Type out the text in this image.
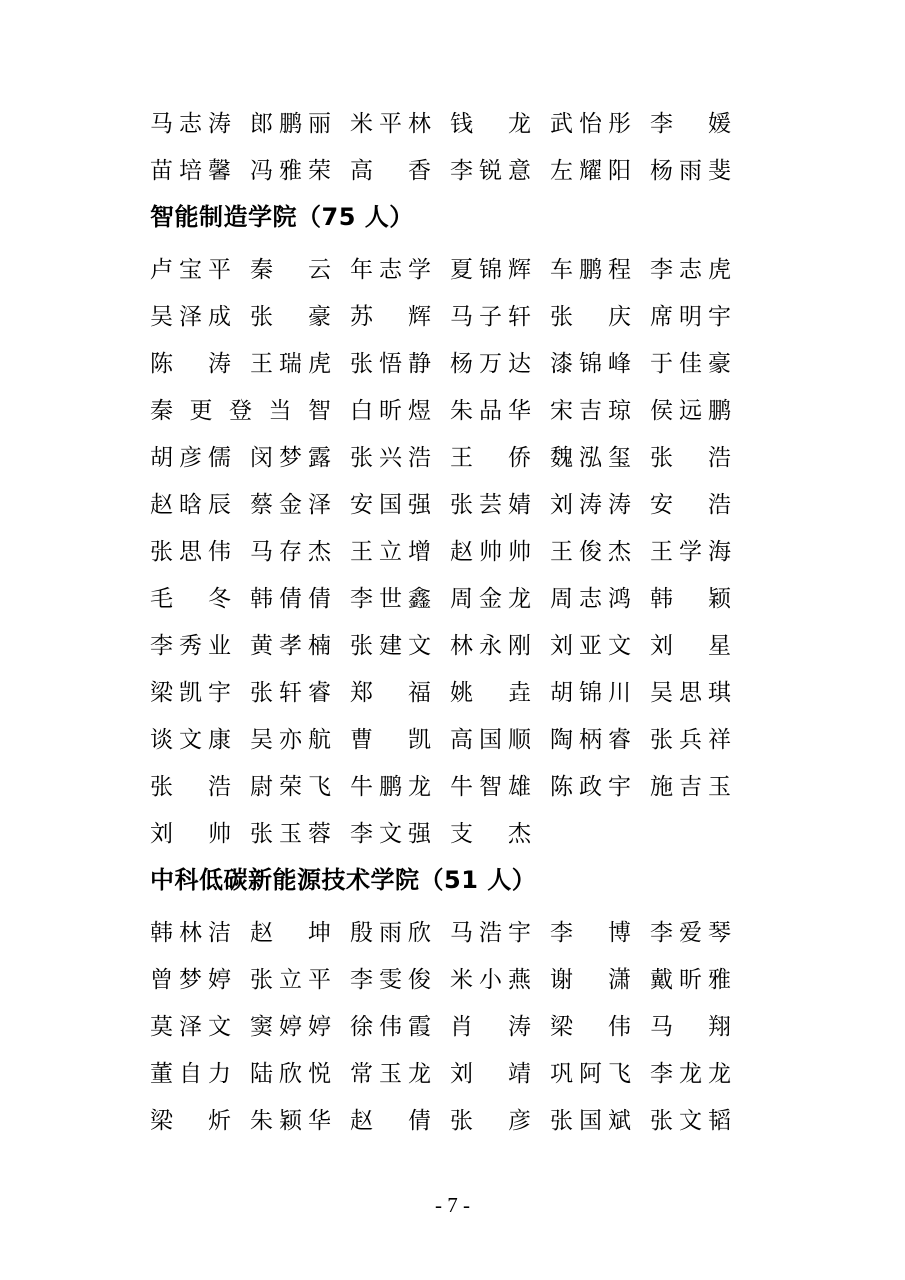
马志涛 郎鹏丽 米平林 钱 龙 武怡彤 李 媛
苗培馨 冯雅荣 高 香 李锐意 左耀阳 杨雨斐
智能制造学院（75 人）
卢宝平 秦 云 年志学 夏锦辉 车鹏程 李志虎
吴泽成 张 豪 苏 辉 马子轩 张 庆 席明宇
陈 涛 王瑞虎 张悟静 杨万达 漆锦峰 于佳豪
秦更登当智 白昕煜 朱品华 宋吉琼 侯远鹏
胡彦儒 闵梦露 张兴浩 王 侨 魏泓玺 张 浩
赵晗辰 蔡金泽 安国强 张芸婧 刘涛涛 安 浩
张思伟 马存杰 王立增 赵帅帅 王俊杰 王学海
毛 冬 韩倩倩 李世鑫 周金龙 周志鸿 韩 颖
李秀业 黄孝楠 张建文 林永刚 刘亚文 刘 星
梁凯宇 张轩睿 郑 福 姚 垚 胡锦川 吴思琪
谈文康 吴亦航 曹 凯 高国顺 陶柄睿 张兵祥
张 浩 尉荣飞 牛鹏龙 牛智雄 陈政宇 施吉玉
刘 帅 张玉蓉 李文强 支 杰
中科低碳新能源技术学院（51 人）
韩林洁 赵 坤 殷雨欣 马浩宇 李 博 李爱琴
曾梦婷 张立平 李雯俊 米小燕 谢 潇 戴昕雅
莫泽文 窦婷婷 徐伟霞 肖 涛 梁 伟 马 翔
董自力 陆欣悦 常玉龙 刘 靖 巩阿飞 李龙龙
梁 炘 朱颖华 赵 倩 张 彦 张国斌 张文韬
- 7 -
